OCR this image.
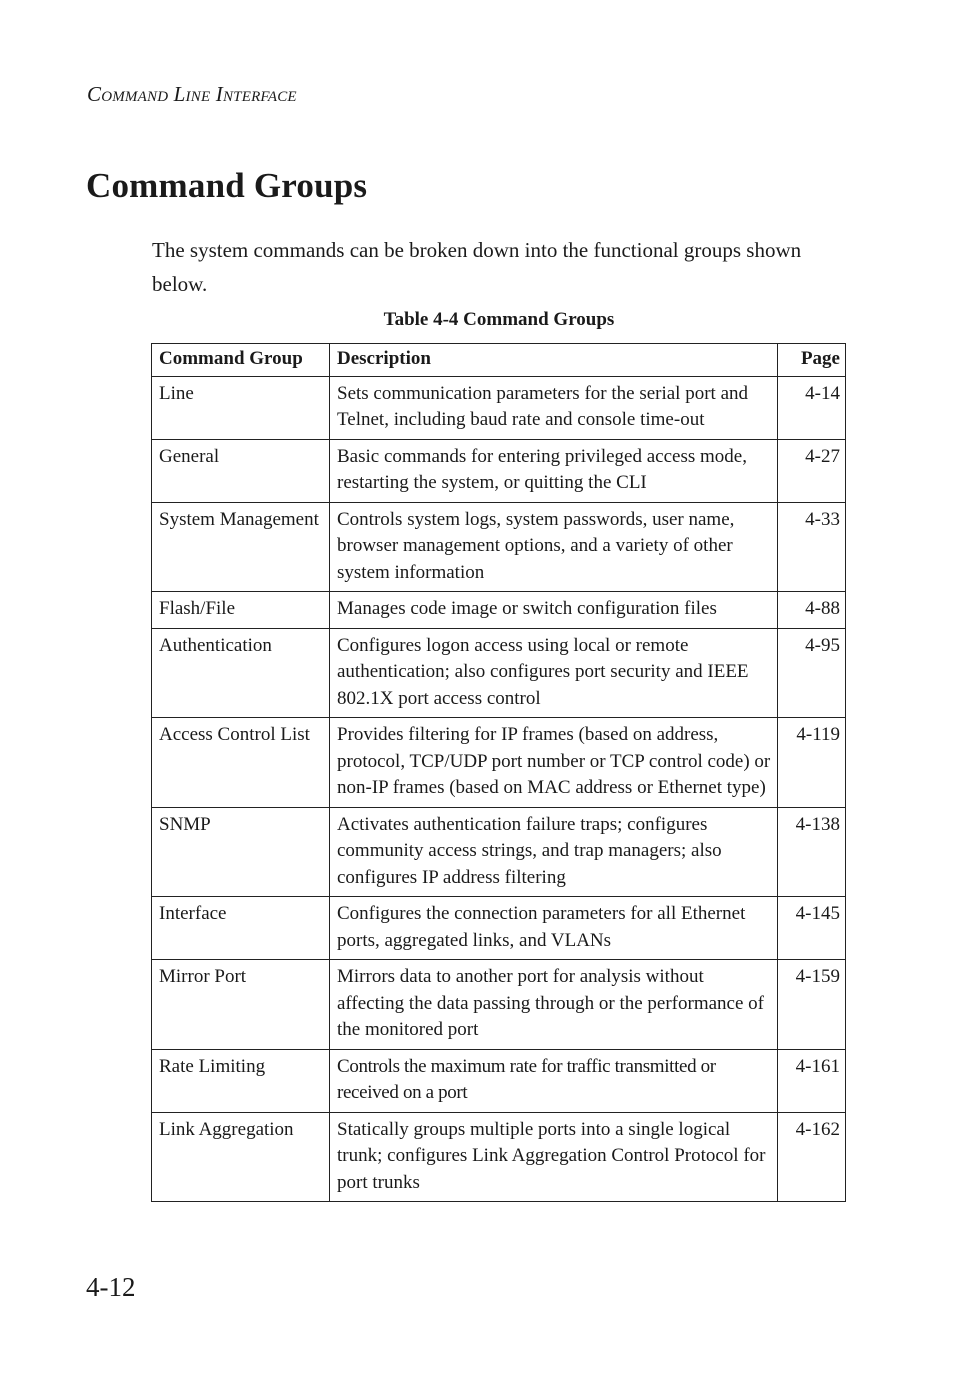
Command Line Interface
Command Groups

The system commands can be broken down into the functional groups shown below.

Table 4-4 Command Groups
Command Group	Description	Page
Line	Sets communication parameters for the serial port and Telnet, including baud rate and console time-out	4-14
General	Basic commands for entering privileged access mode, restarting the system, or quitting the CLI	4-27
System Management	Controls system logs, system passwords, user name, browser management options, and a variety of other system information	4-33
Flash/File	Manages code image or switch configuration files	4-88
Authentication	Configures logon access using local or remote authentication; also configures port security and IEEE 802.1X port access control	4-95
Access Control List	Provides filtering for IP frames (based on address, protocol, TCP/UDP port number or TCP control code) or non-IP frames (based on MAC address or Ethernet type)	4-119
SNMP	Activates authentication failure traps; configures community access strings, and trap managers; also configures IP address filtering	4-138
Interface	Configures the connection parameters for all Ethernet ports, aggregated links, and VLANs	4-145
Mirror Port	Mirrors data to another port for analysis without affecting the data passing through or the performance of the monitored port	4-159
Rate Limiting	Controls the maximum rate for traffic transmitted or received on a port	4-161
Link Aggregation	Statically groups multiple ports into a single logical trunk; configures Link Aggregation Control Protocol for port trunks	4-162
4-12
